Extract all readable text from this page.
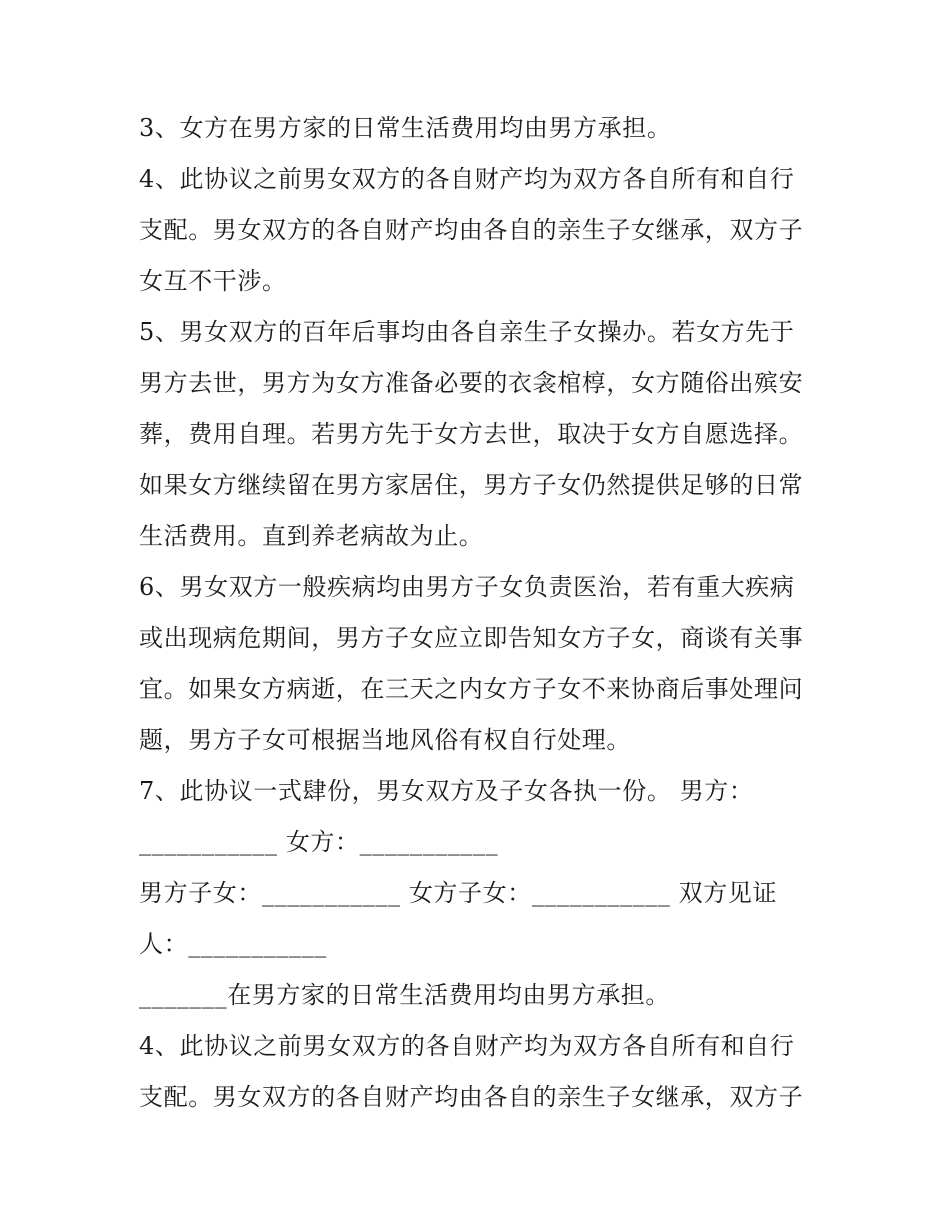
3、女方在男方家的日常生活费用均由男方承担。
4、此协议之前男女双方的各自财产均为双方各自所有和自行
支配。男女双方的各自财产均由各自的亲生子女继承，双方子
女互不干涉。
5、男女双方的百年后事均由各自亲生子女操办。若女方先于
男方去世，男方为女方准备必要的衣衾棺椁，女方随俗出殡安
葬，费用自理。若男方先于女方去世，取决于女方自愿选择。
如果女方继续留在男方家居住，男方子女仍然提供足够的日常
生活费用。直到养老病故为止。
6、男女双方一般疾病均由男方子女负责医治，若有重大疾病
或出现病危期间，男方子女应立即告知女方子女，商谈有关事
宜。如果女方病逝，在三天之内女方子女不来协商后事处理问
题，男方子女可根据当地风俗有权自行处理。
7、此协议一式肆份，男女双方及子女各执一份。 男方：
___________ 女方：___________
男方子女：___________ 女方子女：___________ 双方见证
人：___________
_______在男方家的日常生活费用均由男方承担。
4、此协议之前男女双方的各自财产均为双方各自所有和自行
支配。男女双方的各自财产均由各自的亲生子女继承，双方子
